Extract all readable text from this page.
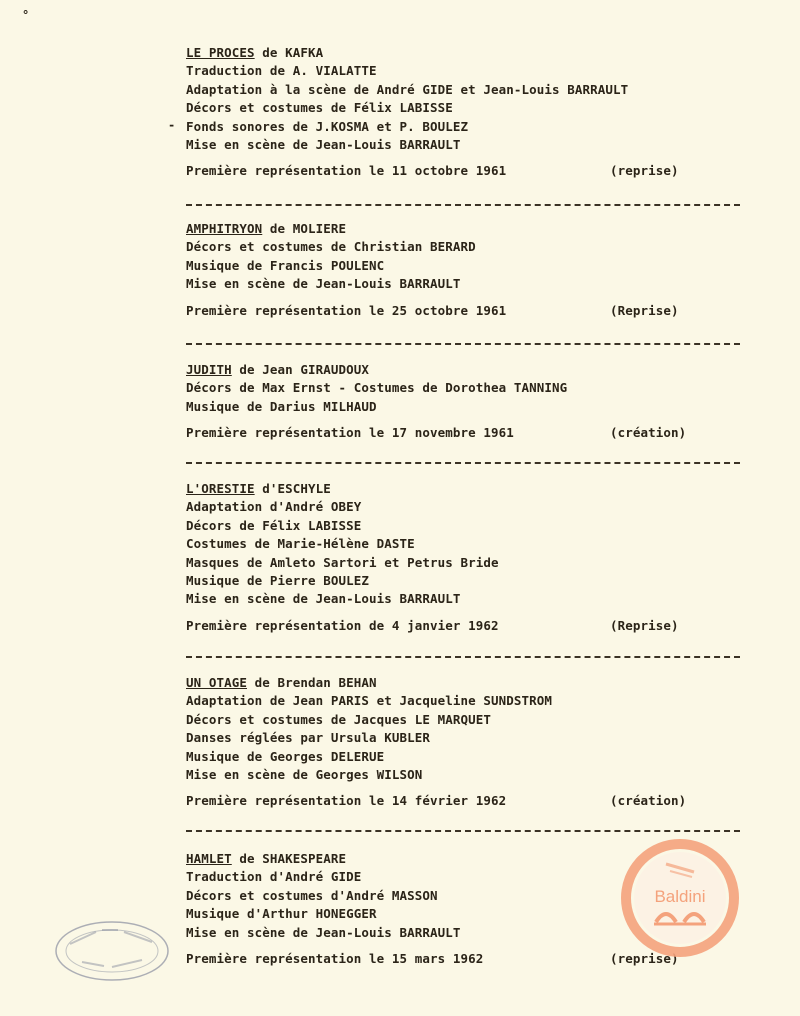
°
-
LE PROCES de KAFKA
Traduction de A. VIALATTE
Adaptation à la scène de André GIDE et Jean-Louis BARRAULT
Décors et costumes de Félix LABISSE
Fonds sonores de J.KOSMA et P. BOULEZ
Mise en scène de Jean-Louis BARRAULT
Première représentation le 11 octobre 1961	(reprise)
AMPHITRYON de MOLIERE
Décors et costumes de Christian BERARD
Musique de Francis POULENC
Mise en scène de Jean-Louis BARRAULT
Première représentation le 25 octobre 1961	(Reprise)
JUDITH de Jean GIRAUDOUX
Décors de Max Ernst - Costumes de Dorothea TANNING
Musique de Darius MILHAUD
Première représentation le 17 novembre 1961	(création)
L'ORESTIE d'ESCHYLE
Adaptation d'André OBEY
Décors de Félix LABISSE
Costumes de Marie-Hélène DASTE
Masques de Amleto Sartori et Petrus Bride
Musique de Pierre BOULEZ
Mise en scène de Jean-Louis BARRAULT
Première représentation de 4 janvier 1962	(Reprise)
UN OTAGE de Brendan BEHAN
Adaptation de Jean PARIS et Jacqueline SUNDSTROM
Décors et costumes de Jacques LE MARQUET
Danses réglées par Ursula KUBLER
Musique de Georges DELERUE
Mise en scène de Georges WILSON
Première représentation le 14 février 1962	(création)
HAMLET de SHAKESPEARE
Traduction d'André GIDE
Décors et costumes d'André MASSON
Musique d'Arthur HONEGGER
Mise en scène de Jean-Louis BARRAULT
Première représentation le 15 mars 1962	(reprise)
Baldini
